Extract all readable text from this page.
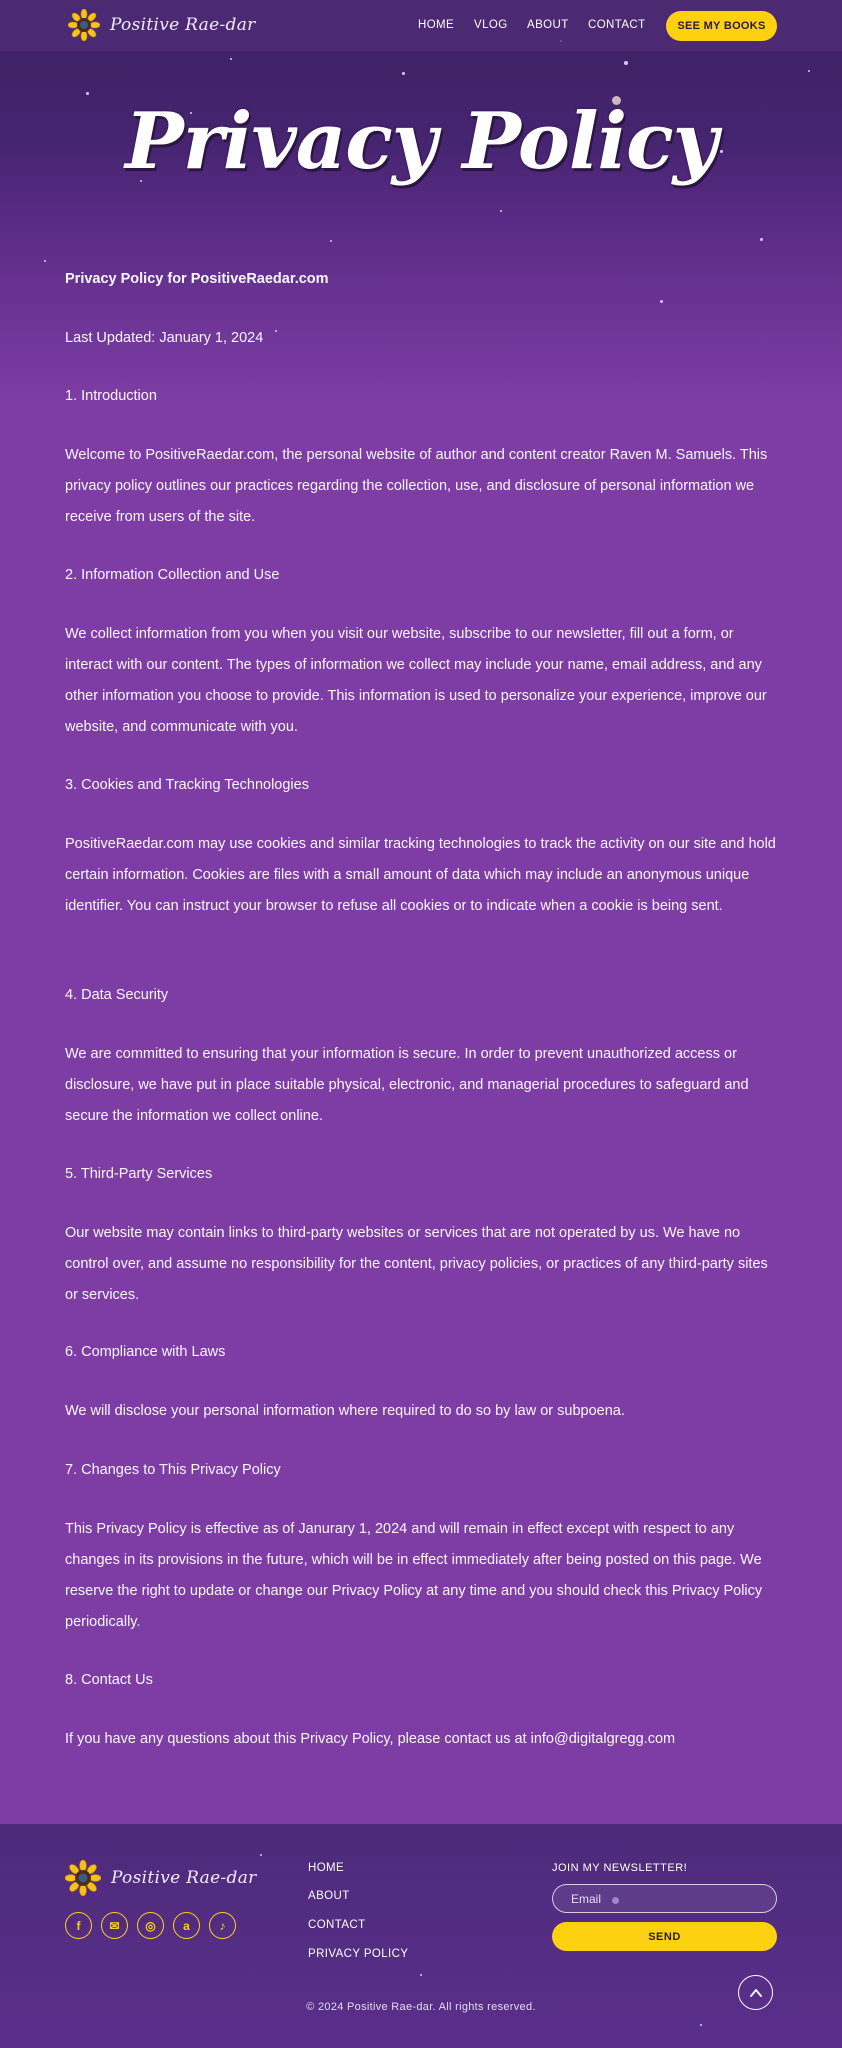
Positive Rae-dar	HOME VLOG ABOUT CONTACT	SEE MY BOOKS
Privacy Policy

Privacy Policy for PositiveRaedar.com

Last Updated: January 1, 2024

1. Introduction

Welcome to PositiveRaedar.com, the personal website of author and content creator Raven M. Samuels. This privacy policy outlines our practices regarding the collection, use, and disclosure of personal information we receive from users of the site.

2. Information Collection and Use

We collect information from you when you visit our website, subscribe to our newsletter, fill out a form, or interact with our content. The types of information we collect may include your name, email address, and any other information you choose to provide. This information is used to personalize your experience, improve our website, and communicate with you.

3. Cookies and Tracking Technologies

PositiveRaedar.com may use cookies and similar tracking technologies to track the activity on our site and hold certain information. Cookies are files with a small amount of data which may include an anonymous unique identifier. You can instruct your browser to refuse all cookies or to indicate when a cookie is being sent.

4. Data Security

We are committed to ensuring that your information is secure. In order to prevent unauthorized access or disclosure, we have put in place suitable physical, electronic, and managerial procedures to safeguard and secure the information we collect online.

5. Third-Party Services

Our website may contain links to third-party websites or services that are not operated by us. We have no control over, and assume no responsibility for the content, privacy policies, or practices of any third-party sites or services.

6. Compliance with Laws

We will disclose your personal information where required to do so by law or subpoena.

7. Changes to This Privacy Policy

This Privacy Policy is effective as of Janurary 1, 2024 and will remain in effect except with respect to any changes in its provisions in the future, which will be in effect immediately after being posted on this page. We reserve the right to update or change our Privacy Policy at any time and you should check this Privacy Policy periodically.

8. Contact Us

If you have any questions about this Privacy Policy, please contact us at info@digitalgregg.com

Positive Rae-dar
f	✉	◎	a	♪
HOME
ABOUT
CONTACT
PRIVACY POLICY
JOIN MY NEWSLETTER!
Email
SEND
© 2024 Positive Rae-dar. All rights reserved.
